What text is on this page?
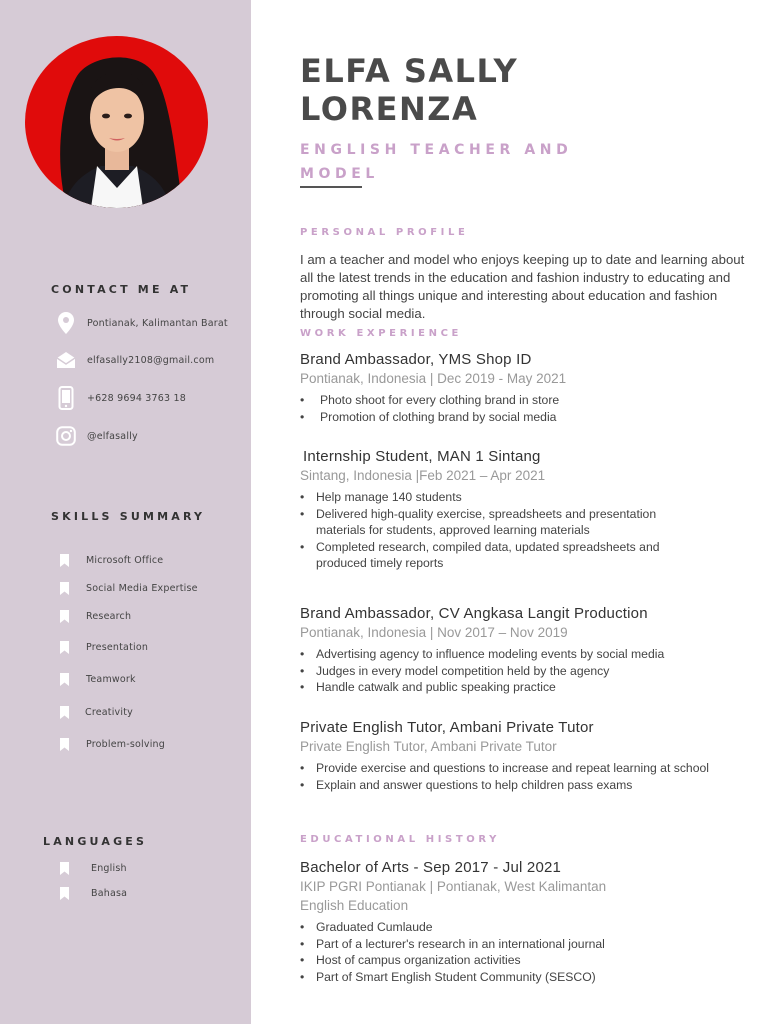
CONTACT ME AT
Pontianak, Kalimantan Barat
elfasally2108@gmail.com
+628 9694 3763 18
@elfasally
SKILLS SUMMARY
Microsoft Office
Social Media Expertise
Research
Presentation
Teamwork
Creativity
Problem-solving
LANGUAGES
English
Bahasa
ELFA SALLY
LORENZA
ENGLISH TEACHER AND MODEL
PERSONAL PROFILE
I am a teacher and model who enjoys keeping up to date and learning about all the latest trends in the education and fashion industry to educating and promoting all things unique and interesting about education and fashion through social media.
WORK EXPERIENCE
Brand Ambassador, YMS Shop ID
Pontianak, Indonesia | Dec 2019 - May 2021
• Photo shoot for every clothing brand in store
• Promotion of clothing brand by social media
Internship Student, MAN 1 Sintang
Sintang, Indonesia |Feb 2021 – Apr 2021
• Help manage 140 students
• Delivered high-quality exercise, spreadsheets and presentation materials for students, approved learning materials
• Completed research, compiled data, updated spreadsheets and produced timely reports
Brand Ambassador, CV Angkasa Langit Production
Pontianak, Indonesia | Nov 2017 – Nov 2019
• Advertising agency to influence modeling events by social media
• Judges in every model competition held by the agency
• Handle catwalk and public speaking practice
Private English Tutor, Ambani Private Tutor
Private English Tutor, Ambani Private Tutor
• Provide exercise and questions to increase and repeat learning at school
• Explain and answer questions to help children pass exams
EDUCATIONAL HISTORY
Bachelor of Arts - Sep 2017 - Jul 2021
IKIP PGRI Pontianak | Pontianak, West Kalimantan
English Education
• Graduated Cumlaude
• Part of a lecturer's research in an international journal
• Host of campus organization activities
• Part of Smart English Student Community (SESCO)
